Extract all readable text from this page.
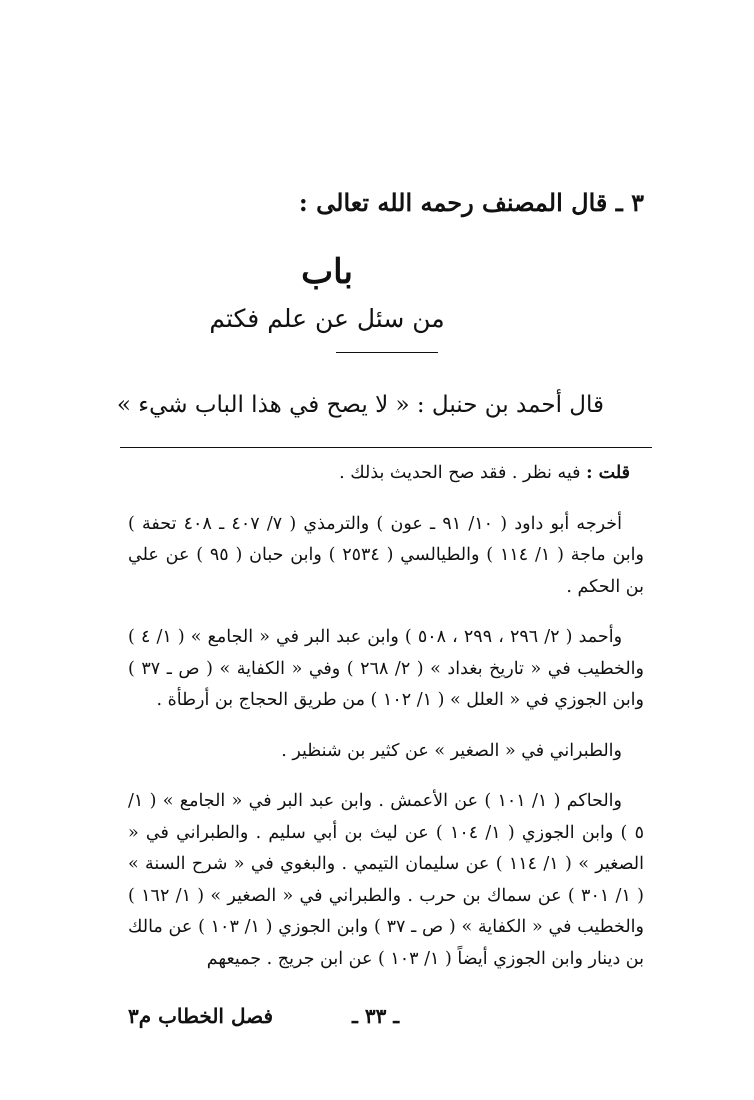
٣ ـ قال المصنف رحمه الله تعالى :
باب
من سئل عن علم فكتم
قال أحمد بن حنبل : « لا يصح في هذا الباب شيء »

قلت : فيه نظر . فقد صح الحديث بذلك .

أخرجه أبو داود ( ١٠/ ٩١ ـ عون ) والترمذي ( ٧/ ٤٠٧ ـ ٤٠٨ تحفة ) وابن ماجة ( ١/ ١١٤ ) والطيالسي ( ٢٥٣٤ ) وابن حبان ( ٩٥ ) عن علي بن الحكم .

وأحمد ( ٢/ ٢٩٦ ، ٢٩٩ ، ٥٠٨ ) وابن عبد البر في « الجامع » ( ١/ ٤ ) والخطيب في « تاريخ بغداد » ( ٢/ ٢٦٨ ) وفي « الكفاية » ( ص ـ ٣٧ ) وابن الجوزي في « العلل » ( ١/ ١٠٢ ) من طريق الحجاج بن أرطأة .

والطبراني في « الصغير » عن كثير بن شنظير .

والحاكم ( ١/ ١٠١ ) عن الأعمش . وابن عبد البر في « الجامع » ( ١/ ٥ ) وابن الجوزي ( ١/ ١٠٤ ) عن ليث بن أبي سليم . والطبراني في « الصغير » ( ١/ ١١٤ ) عن سليمان التيمي . والبغوي في « شرح السنة » ( ١/ ٣٠١ ) عن سماك بن حرب . والطبراني في « الصغير » ( ١/ ١٦٢ ) والخطيب في « الكفاية » ( ص ـ ٣٧ ) وابن الجوزي ( ١/ ١٠٣ ) عن مالك بن دينار وابن الجوزي أيضاً ( ١/ ١٠٣ ) عن ابن جريج . جميعهم

ـ ٣٣ ـ
فصل الخطاب م٣
